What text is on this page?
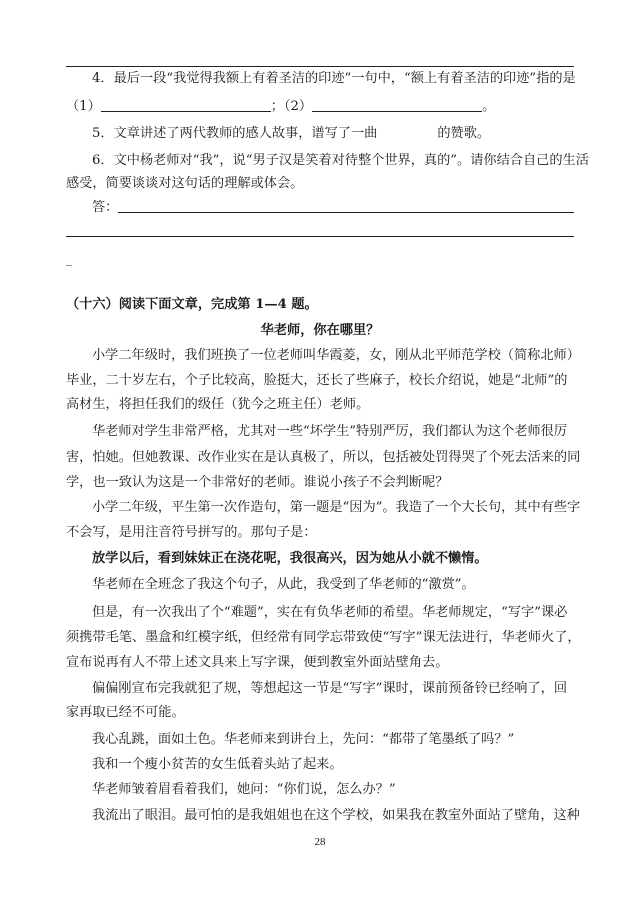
4．最后一段“我觉得我额上有着圣洁的印迹”一句中，“额上有着圣洁的印迹”指的是
（1）	；（2）	。
5．文章讲述了两代教师的感人故事，谱写了一曲	的赞歌。
6．文中杨老师对“我”，说“男子汉是笑着对待整个世界，真的”。请你结合自己的生活
感受，简要谈谈对这句话的理解或体会。
答：
_
（十六）阅读下面文章，完成第 1—4 题。
华老师，你在哪里？
小学二年级时，我们班换了一位老师叫华霞菱，女，刚从北平师范学校（简称北师）
毕业，二十岁左右，个子比较高，脸挺大，还长了些麻子，校长介绍说，她是“北师”的
高材生，将担任我们的级任（犹今之班主任）老师。
华老师对学生非常严格，尤其对一些“坏学生”特别严厉，我们都认为这个老师很厉
害，怕她。但她教课、改作业实在是认真极了，所以，包括被处罚得哭了个死去活来的同
学，也一致认为这是一个非常好的老师。谁说小孩子不会判断呢？
小学二年级，平生第一次作造句，第一题是“因为”。我造了一个大长句，其中有些字
不会写，是用注音符号拼写的。那句子是：
放学以后，看到妹妹正在浇花呢，我很高兴，因为她从小就不懒惰。
华老师在全班念了我这个句子，从此，我受到了华老师的“激赏”。
但是，有一次我出了个“难题”，实在有负华老师的希望。华老师规定，“写字”课必
须携带毛笔、墨盒和红模字纸，但经常有同学忘带致使“写字”课无法进行，华老师火了，
宣布说再有人不带上述文具来上写字课，便到教室外面站壁角去。
偏偏刚宣布完我就犯了规，等想起这一节是“写字”课时，课前预备铃已经响了，回
家再取已经不可能。
我心乱跳，面如土色。华老师来到讲台上，先问：“都带了笔墨纸了吗？”
我和一个瘦小贫苦的女生低着头站了起来。
华老师皱着眉看着我们，她问：“你们说，怎么办？”
我流出了眼泪。最可怕的是我姐姐也在这个学校，如果我在教室外面站了壁角，这种
28
